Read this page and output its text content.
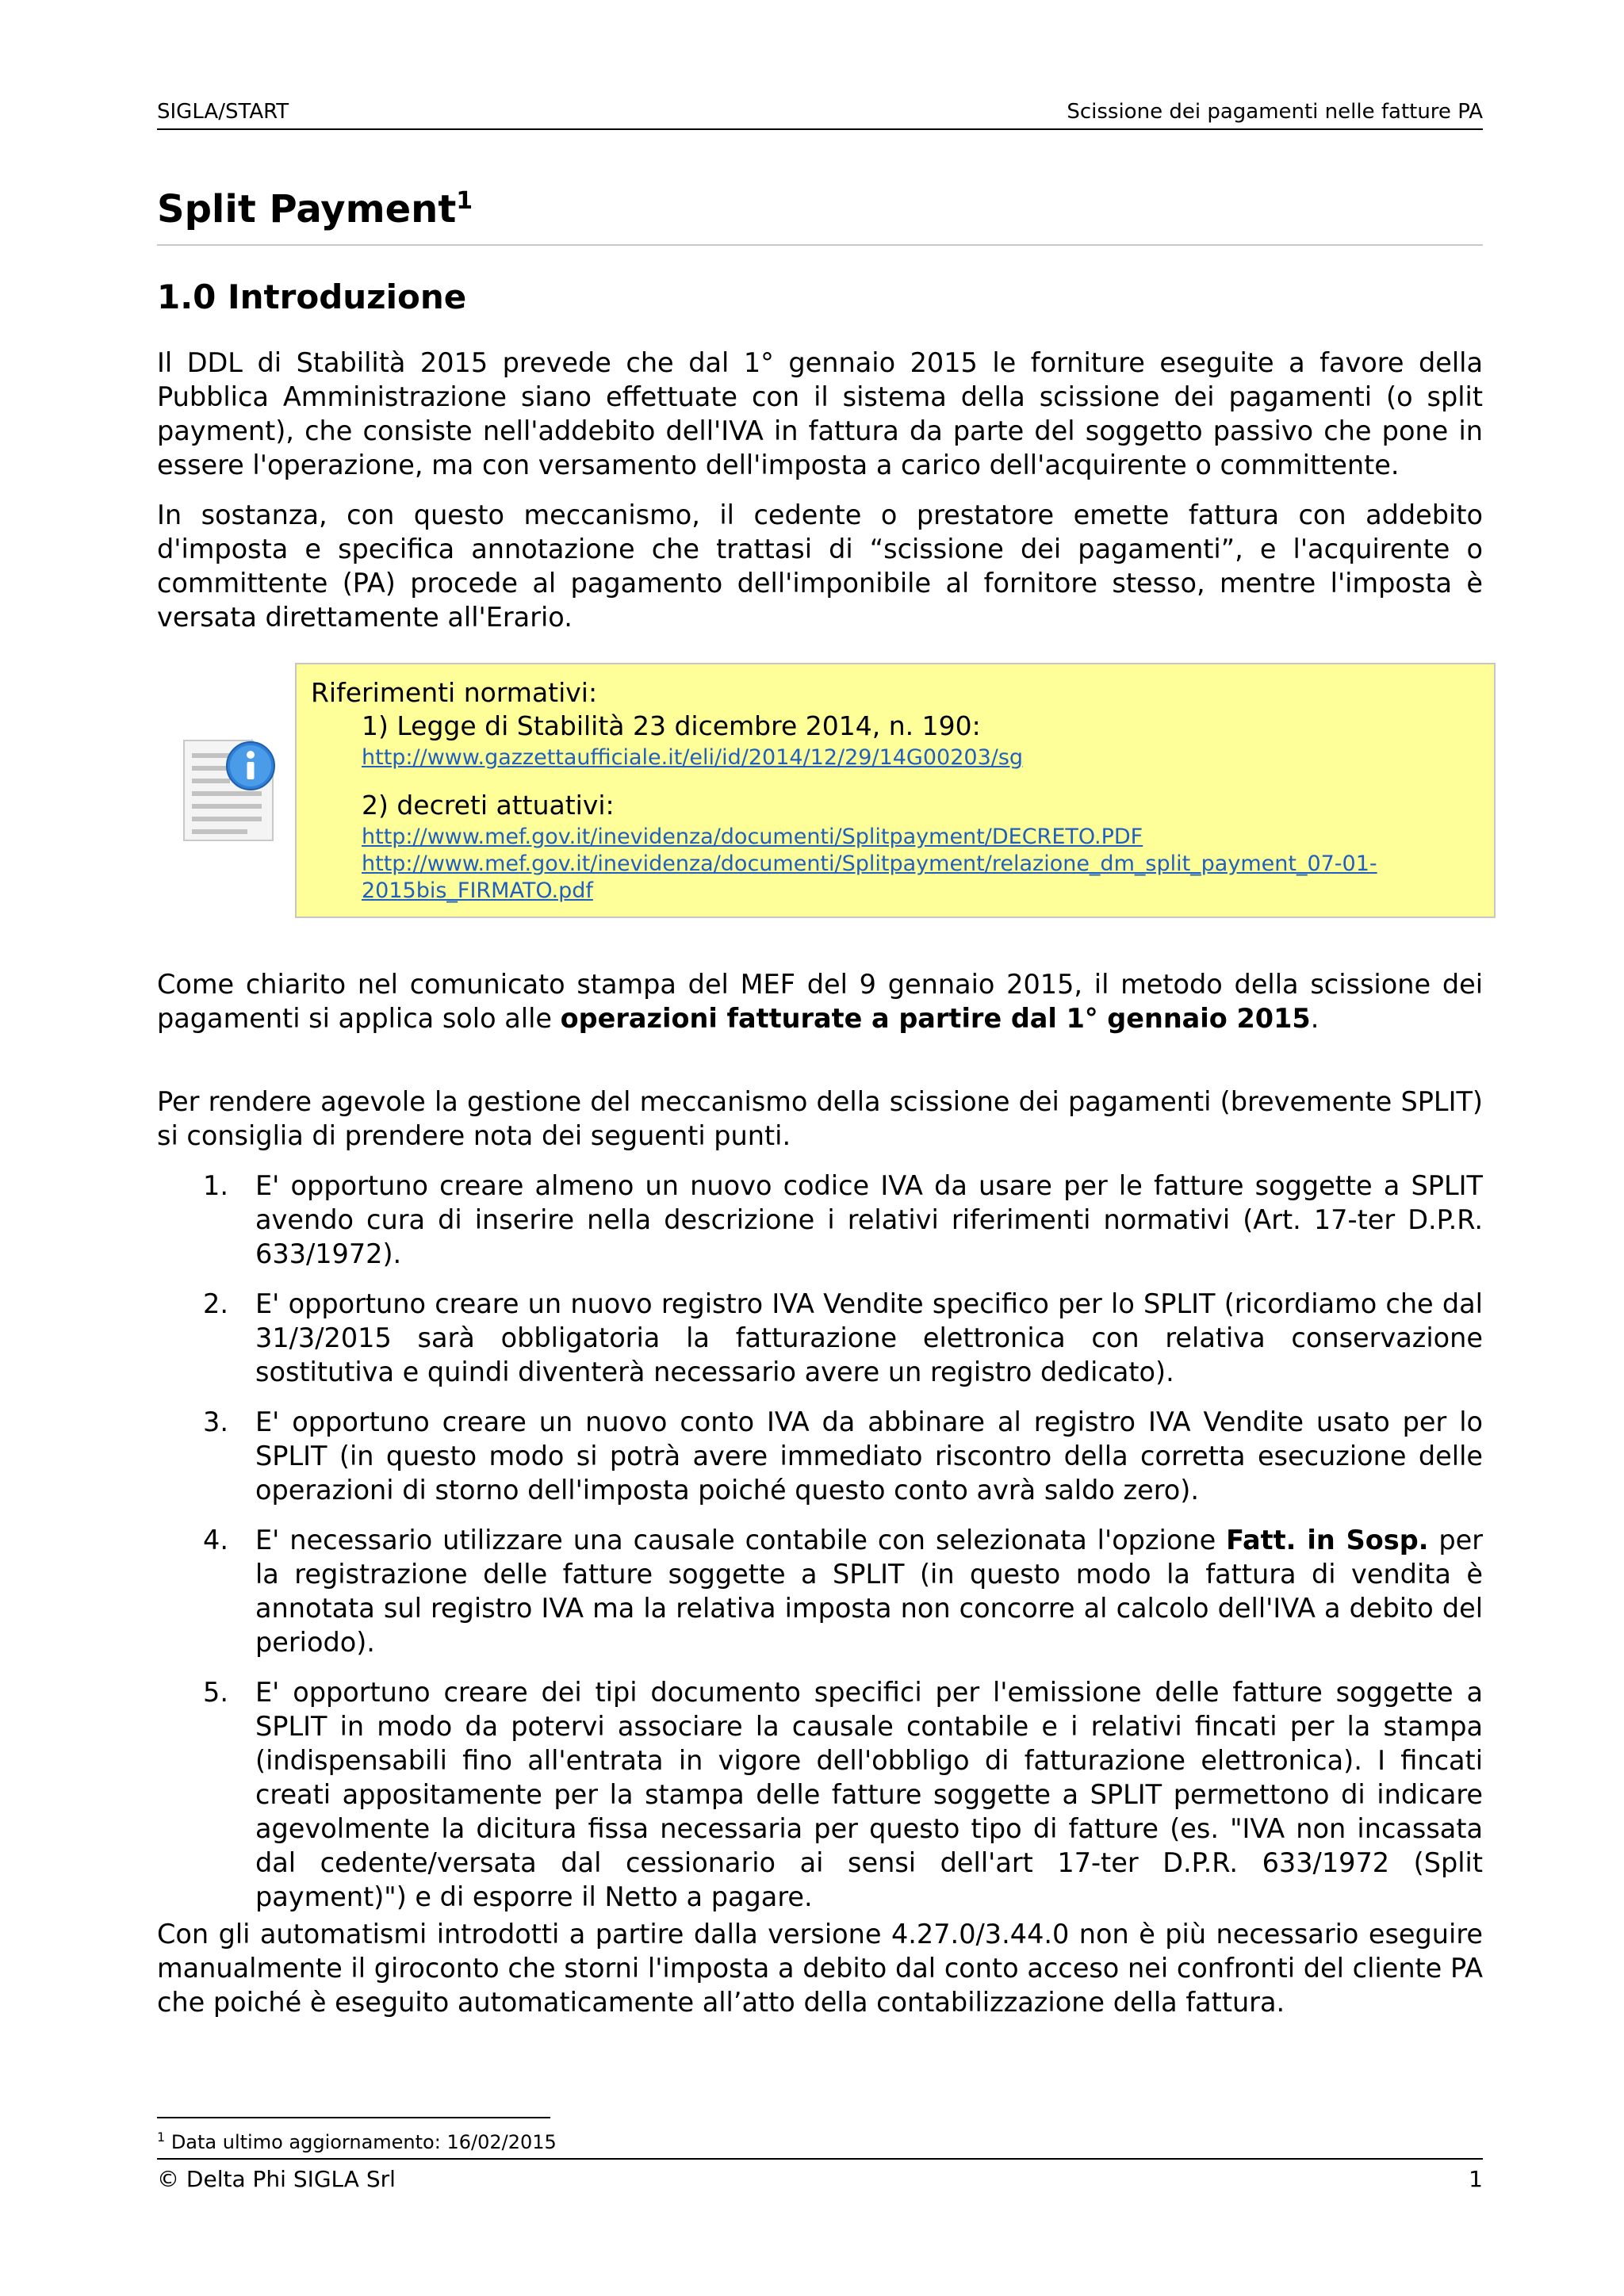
SIGLA/START	Scissione dei pagamenti nelle fatture PA
Split Payment$^1$
1.0 Introduzione

Il DDL di Stabilità 2015 prevede che dal 1° gennaio 2015 le forniture eseguite a favore della Pubblica Amministrazione siano effettuate con il sistema della scissione dei pagamenti (o split payment), che consiste nell'addebito dell'IVA in fattura da parte del soggetto passivo che pone in essere l'operazione, ma con versamento dell'imposta a carico dell'acquirente o committente.

In sostanza, con questo meccanismo, il cedente o prestatore emette fattura con addebito d'imposta e specifica annotazione che trattasi di “scissione dei pagamenti”, e l'acquirente o committente (PA) procede al pagamento dell'imponibile al fornitore stesso, mentre l'imposta è versata direttamente all'Erario.

Riferimenti normativi:
1) Legge di Stabilità 23 dicembre 2014, n. 190:
http://www.gazzettaufficiale.it/eli/id/2014/12/29/14G00203/sg
2) decreti attuativi:
http://www.mef.gov.it/inevidenza/documenti/Splitpayment/DECRETO.PDF
http://www.mef.gov.it/inevidenza/documenti/Splitpayment/relazione_dm_split_payment_07-01-
2015bis_FIRMATO.pdf

Come chiarito nel comunicato stampa del MEF del 9 gennaio 2015, il metodo della scissione dei pagamenti si applica solo alle operazioni fatturate a partire dal 1° gennaio 2015.

Per rendere agevole la gestione del meccanismo della scissione dei pagamenti (brevemente SPLIT) si consiglia di prendere nota dei seguenti punti.

1. E' opportuno creare almeno un nuovo codice IVA da usare per le fatture soggette a SPLIT avendo cura di inserire nella descrizione i relativi riferimenti normativi (Art. 17-ter D.P.R. 633/1972).
2. E' opportuno creare un nuovo registro IVA Vendite specifico per lo SPLIT (ricordiamo che dal 31/3/2015 sarà obbligatoria la fatturazione elettronica con relativa conservazione sostitutiva e quindi diventerà necessario avere un registro dedicato).
3. E' opportuno creare un nuovo conto IVA da abbinare al registro IVA Vendite usato per lo SPLIT (in questo modo si potrà avere immediato riscontro della corretta esecuzione delle operazioni di storno dell'imposta poiché questo conto avrà saldo zero).
4. E' necessario utilizzare una causale contabile con selezionata l'opzione Fatt. in Sosp. per la registrazione delle fatture soggette a SPLIT (in questo modo la fattura di vendita è annotata sul registro IVA ma la relativa imposta non concorre al calcolo dell'IVA a debito del periodo).
5. E' opportuno creare dei tipi documento specifici per l'emissione delle fatture soggette a SPLIT in modo da potervi associare la causale contabile e i relativi fincati per la stampa (indispensabili fino all'entrata in vigore dell'obbligo di fatturazione elettronica). I fincati creati appositamente per la stampa delle fatture soggette a SPLIT permettono di indicare agevolmente la dicitura fissa necessaria per questo tipo di fatture (es. "IVA non incassata dal cedente/versata dal cessionario ai sensi dell'art 17-ter D.P.R. 633/1972 (Split payment)") e di esporre il Netto a pagare.

Con gli automatismi introdotti a partire dalla versione 4.27.0/3.44.0 non è più necessario eseguire manualmente il giroconto che storni l'imposta a debito dal conto acceso nei confronti del cliente PA che poiché è eseguito automaticamente all’atto della contabilizzazione della fattura.

$^1$ Data ultimo aggiornamento: 16/02/2015
© Delta Phi SIGLA Srl	1
